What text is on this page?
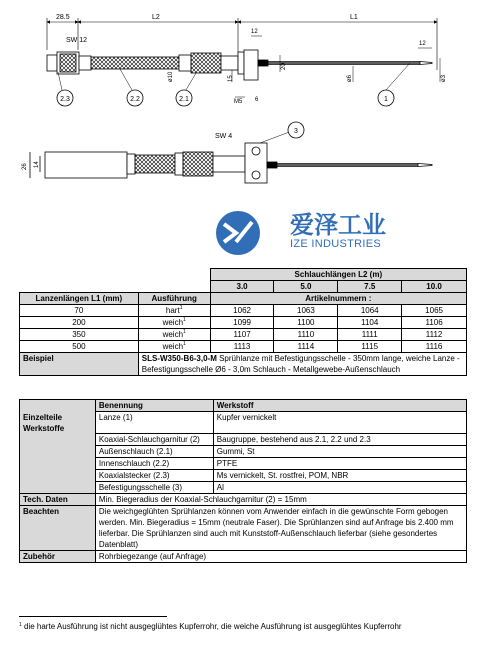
28.5	L2	L1
SW 12
12
12
ø10	15
20
ø6	ø3
M5 6
2.3	2.2	2.1	1
SW 4
26 14
3
爱泽工业
IZE INDUSTRIES
		Schlauchlängen L2 (m)			
		3.0	5.0	7.5	10.0
Lanzenlängen L1 (mm)	Ausführung	Artikelnummern :			
70	hart$^1$	1062	1063	1064	1065
200	weich$^1$	1099	1100	1104	1106
350	weich$^1$	1107	1110	1111	1112
500	weich$^1$	1113	1114	1115	1116
Beispiel	SLS-W350-B6-3,0-M Sprühlanze mit Befestigungsschelle - 350mm lange, weiche Lanze - Befestigungsschelle Ø6 - 3,0m Schlauch - Metallgewebe-Außenschlauch				
	Benennung	Werkstoff
Einzelteile Werkstoffe	Lanze (1)	Kupfer vernickelt
	Koaxial-Schlauchgarnitur (2)	Baugruppe, bestehend aus 2.1, 2.2 und 2.3
	Außenschlauch (2.1)	Gummi, St
	Innenschlauch (2.2)	PTFE
	Koaxialstecker (2.3)	Ms vernickelt, St. rostfrei, POM, NBR
	Befestigungsschelle (3)	Al
Tech. Daten	Min. Biegeradius der Koaxial-Schlauchgarnitur (2) = 15mm	
Beachten	Die weichgeglühten Sprühlanzen können vom Anwender einfach in die gewünschte Form gebogen werden. Min. Biegeradius = 15mm (neutrale Faser). Die Sprühlanzen sind auf Anfrage bis 2.400 mm lieferbar. Die Sprühlanzen sind auch mit Kunststoff-Außenschlauch lieferbar (siehe gesondertes Datenblatt)	
Zubehör	Rohrbiegezange (auf Anfrage)	
$^1$ die harte Ausführung ist nicht ausgeglühtes Kupferrohr, die weiche Ausführung ist ausgeglühtes Kupferrohr
